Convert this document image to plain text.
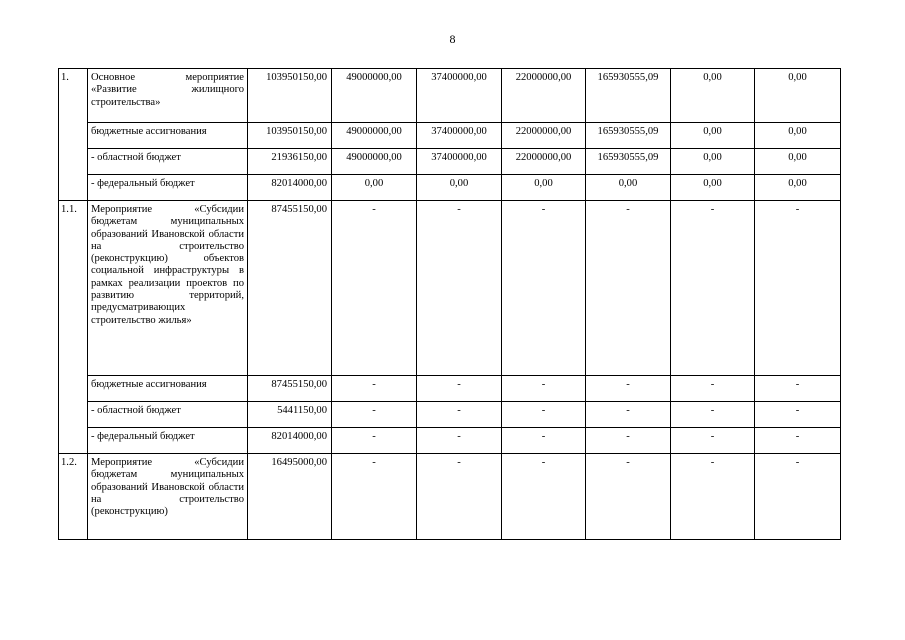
8
1.	Основное мероприятие «Развитие жилищного строительства»	103950150,00	49000000,00	37400000,00	22000000,00	165930555,09	0,00	0,00
	бюджетные ассигнования	103950150,00	49000000,00	37400000,00	22000000,00	165930555,09	0,00	0,00
	- областной бюджет	21936150,00	49000000,00	37400000,00	22000000,00	165930555,09	0,00	0,00
	- федеральный бюджет	82014000,00	0,00	0,00	0,00	0,00	0,00	0,00
1.1.	Мероприятие «Субсидии бюджетам муниципальных образований Ивановской области на строительство (реконструкцию) объектов социальной инфраструктуры в рамках реализации проектов по развитию территорий, предусматривающих строительство жилья»	87455150,00	-	-	-	-	-	-
	бюджетные ассигнования	87455150,00	-	-	-	-	-	-
	- областной бюджет	5441150,00	-	-	-	-	-	-
	- федеральный бюджет	82014000,00	-	-	-	-	-	-
1.2.	Мероприятие «Субсидии бюджетам муниципальных образований Ивановской области на строительство (реконструкцию)	16495000,00	-	-	-	-	-	-
